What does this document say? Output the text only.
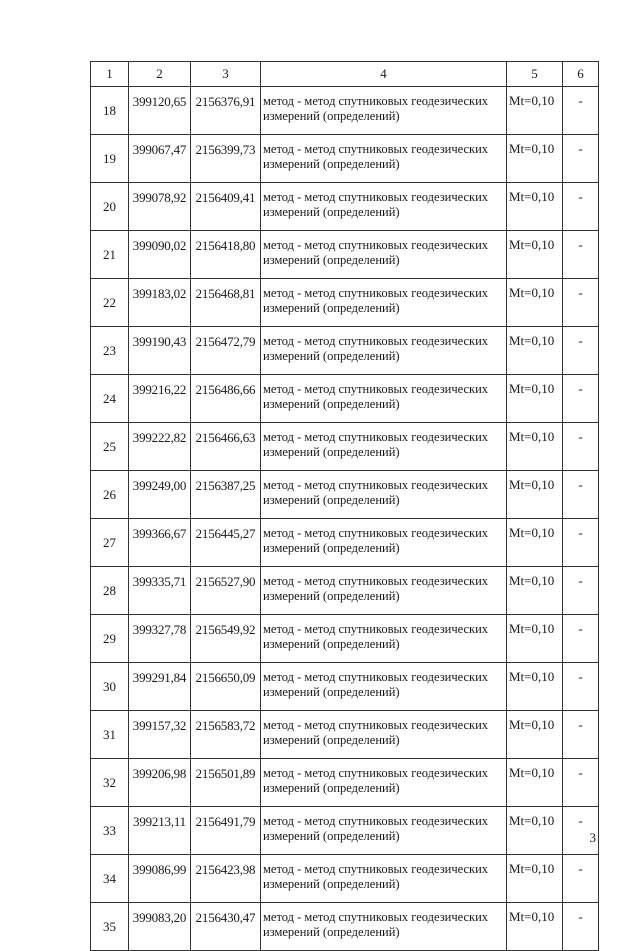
1	2	3	4	5	6
18	399120,65	2156376,91	метод - метод спутниковых геодезических измерений (определений)	Mt=0,10	-
19	399067,47	2156399,73	метод - метод спутниковых геодезических измерений (определений)	Mt=0,10	-
20	399078,92	2156409,41	метод - метод спутниковых геодезических измерений (определений)	Mt=0,10	-
21	399090,02	2156418,80	метод - метод спутниковых геодезических измерений (определений)	Mt=0,10	-
22	399183,02	2156468,81	метод - метод спутниковых геодезических измерений (определений)	Mt=0,10	-
23	399190,43	2156472,79	метод - метод спутниковых геодезических измерений (определений)	Mt=0,10	-
24	399216,22	2156486,66	метод - метод спутниковых геодезических измерений (определений)	Mt=0,10	-
25	399222,82	2156466,63	метод - метод спутниковых геодезических измерений (определений)	Mt=0,10	-
26	399249,00	2156387,25	метод - метод спутниковых геодезических измерений (определений)	Mt=0,10	-
27	399366,67	2156445,27	метод - метод спутниковых геодезических измерений (определений)	Mt=0,10	-
28	399335,71	2156527,90	метод - метод спутниковых геодезических измерений (определений)	Mt=0,10	-
29	399327,78	2156549,92	метод - метод спутниковых геодезических измерений (определений)	Mt=0,10	-
30	399291,84	2156650,09	метод - метод спутниковых геодезических измерений (определений)	Mt=0,10	-
31	399157,32	2156583,72	метод - метод спутниковых геодезических измерений (определений)	Mt=0,10	-
32	399206,98	2156501,89	метод - метод спутниковых геодезических измерений (определений)	Mt=0,10	-
33	399213,11	2156491,79	метод - метод спутниковых геодезических измерений (определений)	Mt=0,10	-
34	399086,99	2156423,98	метод - метод спутниковых геодезических измерений (определений)	Mt=0,10	-
35	399083,20	2156430,47	метод - метод спутниковых геодезических измерений (определений)	Mt=0,10	-
3
